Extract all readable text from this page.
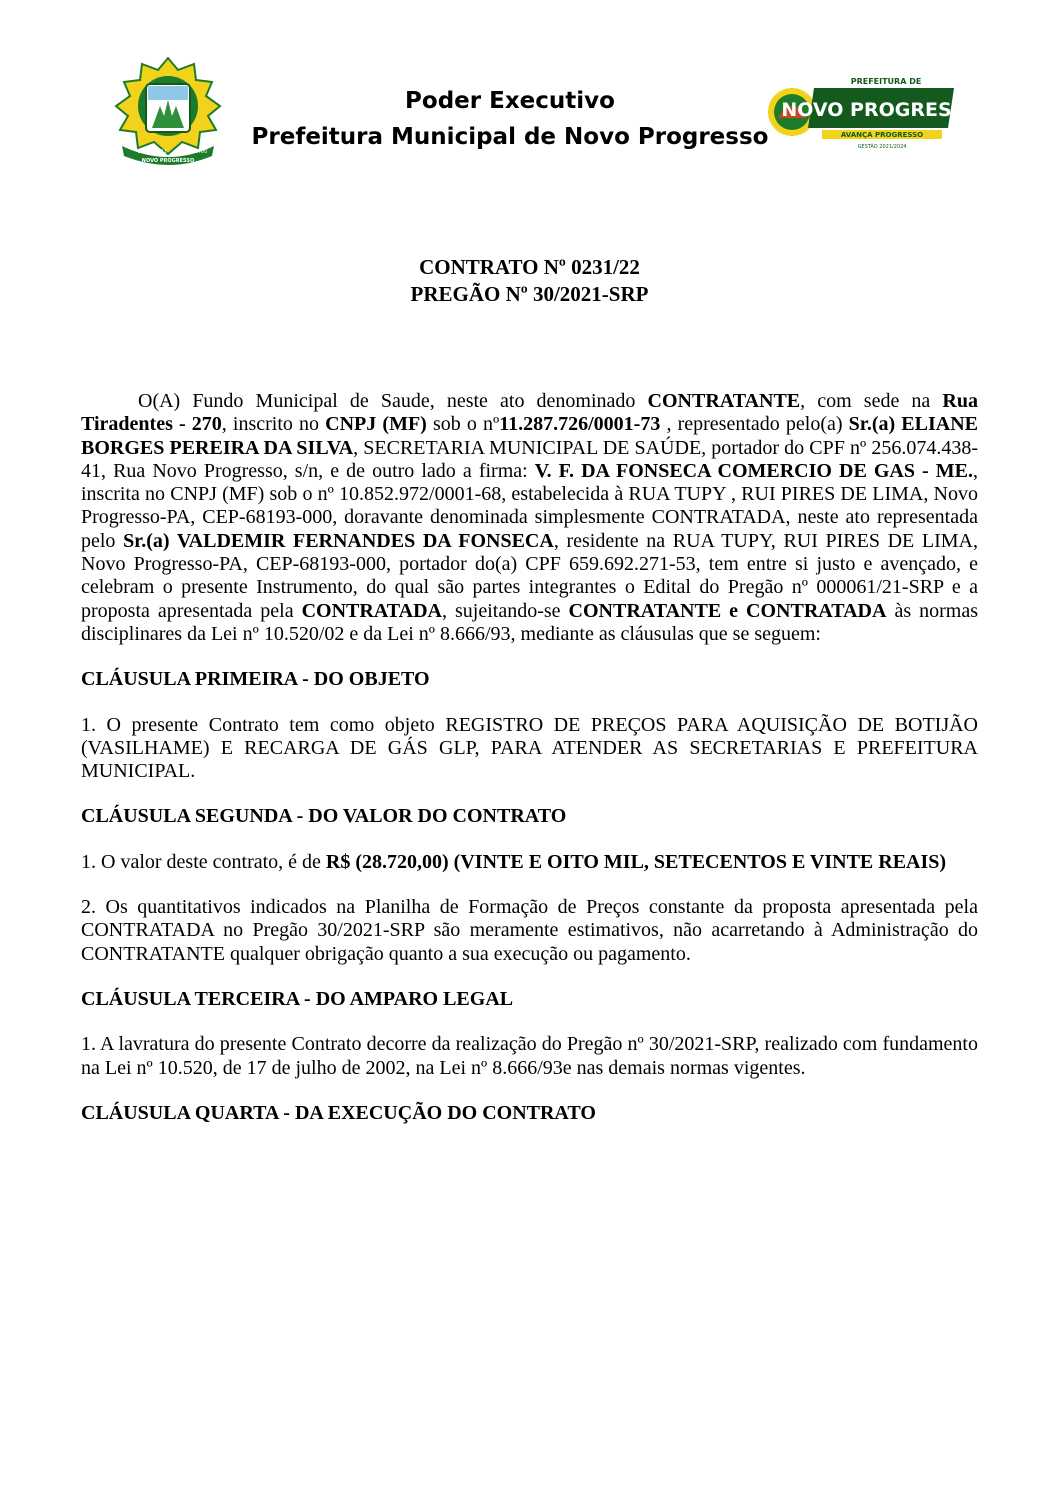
28 12 1991 LEI Nº 5700
NOVO PROGRESSO
Poder Executivo
Prefeitura Municipal de Novo Progresso
PREFEITURA DE
NOVO PROGRESSO
AVANÇA PROGRESSO
GESTÃO 2021/2024
CONTRATO Nº 0231/22
PREGÃO Nº 30/2021-SRP

O(A) Fundo Municipal de Saude, neste ato denominado CONTRATANTE, com sede na Rua Tiradentes - 270, inscrito no CNPJ (MF) sob o nº11.287.726/0001-73 , representado pelo(a) Sr.(a) ELIANE BORGES PEREIRA DA SILVA, SECRETARIA MUNICIPAL DE SAÚDE, portador do CPF nº 256.074.438-41, Rua Novo Progresso, s/n, e de outro lado a firma: V. F. DA FONSECA COMERCIO DE GAS - ME., inscrita no CNPJ (MF) sob o nº 10.852.972/0001-68, estabelecida à RUA TUPY , RUI PIRES DE LIMA, Novo Progresso-PA, CEP-68193-000, doravante denominada simplesmente CONTRATADA, neste ato representada pelo Sr.(a) VALDEMIR FERNANDES DA FONSECA, residente na RUA TUPY, RUI PIRES DE LIMA, Novo Progresso-PA, CEP-68193-000, portador do(a) CPF 659.692.271-53, tem entre si justo e avençado, e celebram o presente Instrumento, do qual são partes integrantes o Edital do Pregão nº 000061/21-SRP e a proposta apresentada pela CONTRATADA, sujeitando-se CONTRATANTE e CONTRATADA às normas disciplinares da Lei nº 10.520/02 e da Lei nº 8.666/93, mediante as cláusulas que se seguem:

CLÁUSULA PRIMEIRA - DO OBJETO

1. O presente Contrato tem como objeto REGISTRO DE PREÇOS PARA AQUISIÇÃO DE BOTIJÃO (VASILHAME) E RECARGA DE GÁS GLP, PARA ATENDER AS SECRETARIAS E PREFEITURA MUNICIPAL.

CLÁUSULA SEGUNDA - DO VALOR DO CONTRATO

1. O valor deste contrato, é de R$ (28.720,00) (VINTE E OITO MIL, SETECENTOS E VINTE REAIS)

2. Os quantitativos indicados na Planilha de Formação de Preços constante da proposta apresentada pela CONTRATADA no Pregão 30/2021-SRP são meramente estimativos, não acarretando à Administração do CONTRATANTE qualquer obrigação quanto a sua execução ou pagamento.

CLÁUSULA TERCEIRA - DO AMPARO LEGAL

1. A lavratura do presente Contrato decorre da realização do Pregão nº 30/2021-SRP, realizado com fundamento na Lei nº 10.520, de 17 de julho de 2002, na Lei nº 8.666/93e nas demais normas vigentes.

CLÁUSULA QUARTA - DA EXECUÇÃO DO CONTRATO
